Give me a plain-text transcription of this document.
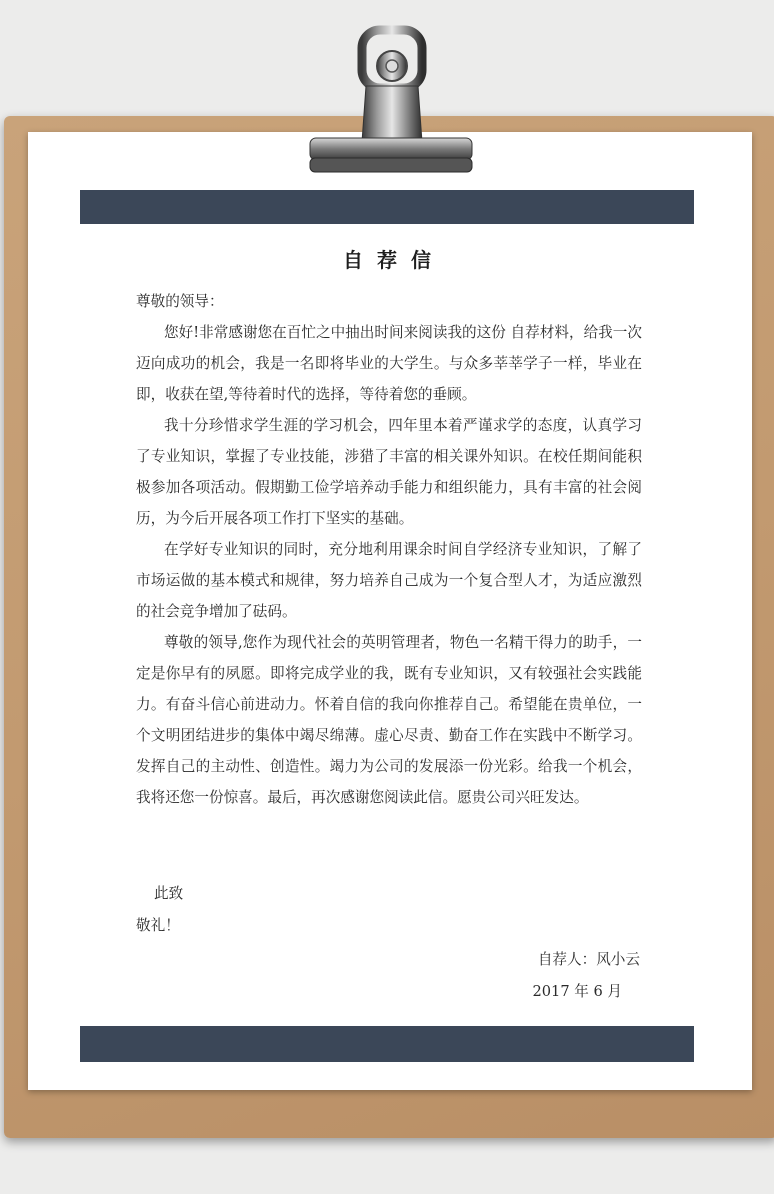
自荐信
尊敬的领导：

您好!非常感谢您在百忙之中抽出时间来阅读我的这份 自荐材料，给我一次迈向成功的机会，我是一名即将毕业的大学生。与众多莘莘学子一样，毕业在即，收获在望,等待着时代的选择，等待着您的垂顾。

我十分珍惜求学生涯的学习机会，四年里本着严谨求学的态度，认真学习了专业知识，掌握了专业技能，涉猎了丰富的相关课外知识。在校任期间能积极参加各项活动。假期勤工俭学培养动手能力和组织能力，具有丰富的社会阅历，为今后开展各项工作打下坚实的基础。

在学好专业知识的同时，充分地利用课余时间自学经济专业知识，了解了市场运做的基本模式和规律，努力培养自己成为一个复合型人才，为适应激烈的社会竞争增加了砝码。

尊敬的领导,您作为现代社会的英明管理者，物色一名精干得力的助手，一定是你早有的夙愿。即将完成学业的我，既有专业知识，又有较强社会实践能力。有奋斗信心前进动力。怀着自信的我向你推荐自己。希望能在贵单位，一个文明团结进步的集体中竭尽绵薄。虚心尽责、勤奋工作在实践中不断学习。发挥自己的主动性、创造性。竭力为公司的发展添一份光彩。给我一个机会，我将还您一份惊喜。最后，再次感谢您阅读此信。愿贵公司兴旺发达。

此致
敬礼！
自荐人：风小云
2017 年 6 月
